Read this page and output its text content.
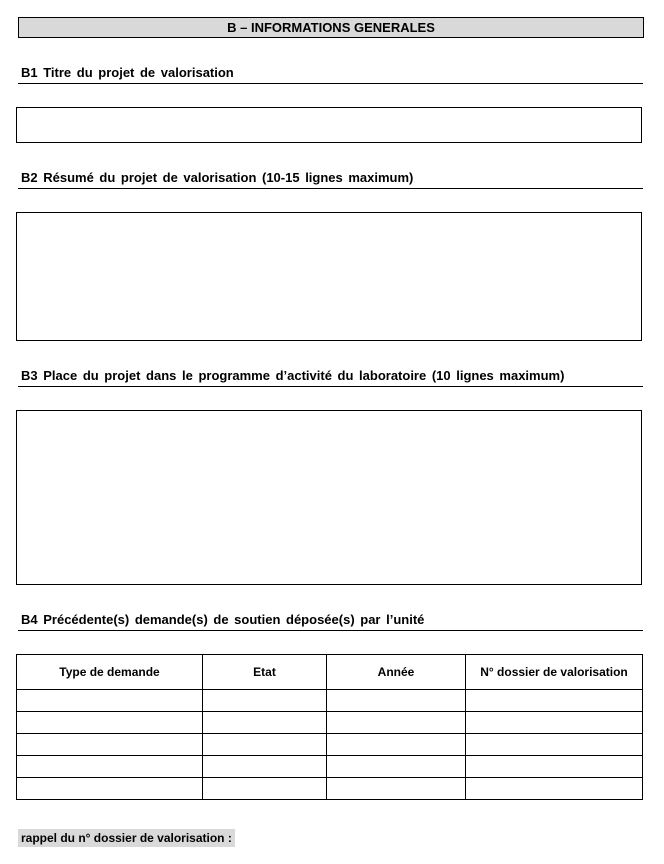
B – INFORMATIONS GENERALES
B1 Titre du projet de valorisation
B2 Résumé du projet de valorisation (10-15 lignes maximum)
B3 Place du projet dans le programme d’activité du laboratoire (10 lignes maximum)
B4 Précédente(s) demande(s) de soutien déposée(s) par l’unité
Type de demande	Etat	Année	N° dossier de valorisation

rappel du n° dossier de valorisation :
